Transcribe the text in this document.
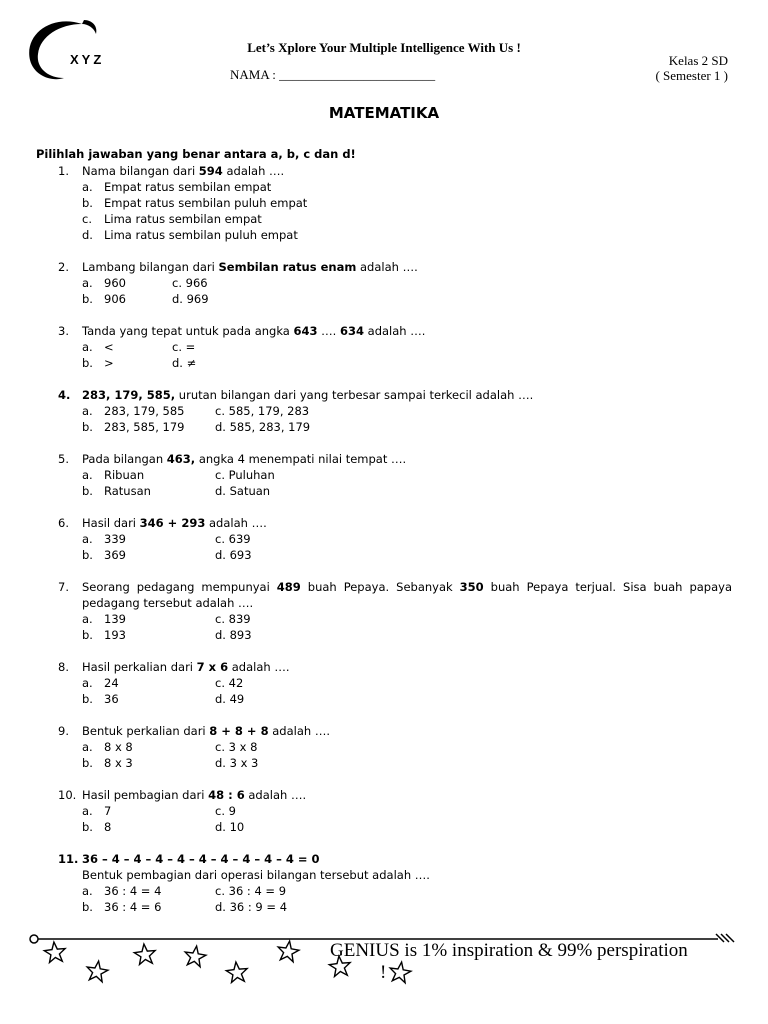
XYZ
Let’s Xplore Your Multiple Intelligence With Us !
NAMA : ________________________
Kelas 2 SD
( Semester 1 )
MATEMATIKA
Pilihlah jawaban yang benar antara a, b, c dan d!
1.	Nama bilangan dari 594 adalah ….
a. Empat ratus sembilan empat
b. Empat ratus sembilan puluh empat
c.	Lima ratus sembilan empat
d. Lima ratus sembilan puluh empat
2.	Lambang bilangan dari Sembilan ratus enam adalah ….
a. 960	c. 966
b. 906	d. 969
3.	Tanda yang tepat untuk pada angka 643 …. 634 adalah ….
a. <	c. =
b. >	d. ≠
4.	283, 179, 585, urutan bilangan dari yang terbesar sampai terkecil adalah ….
a. 283, 179, 585	c. 585, 179, 283
b. 283, 585, 179	d. 585, 283, 179
5.	Pada bilangan 463, angka 4 menempati nilai tempat ….
a. Ribuan	c. Puluhan
b. Ratusan	d. Satuan
6.	Hasil dari 346 + 293 adalah ….
a. 339	c. 639
b. 369	d. 693
7.	Seorang pedagang mempunyai 489 buah Pepaya. Sebanyak 350 buah Pepaya terjual. Sisa buah papaya pedagang tersebut adalah ….
a. 139	c. 839
b. 193	d. 893
8.	Hasil perkalian dari 7 x 6 adalah ….
a. 24	c. 42
b. 36	d. 49
9.	Bentuk perkalian dari 8 + 8 + 8 adalah ….
a. 8 x 8	c. 3 x 8
b. 8 x 3	d. 3 x 3
10. Hasil pembagian dari 48 : 6 adalah ….
a. 7	c. 9
b. 8	d. 10
11. 36 – 4 – 4 – 4 – 4 – 4 – 4 – 4 – 4 – 4 = 0
Bentuk pembagian dari operasi bilangan tersebut adalah ….
a. 36 : 4 = 4	c. 36 : 4 = 9
b. 36 : 4 = 6	d. 36 : 9 = 4
GENIUS is 1% inspiration & 99% perspiration
!
